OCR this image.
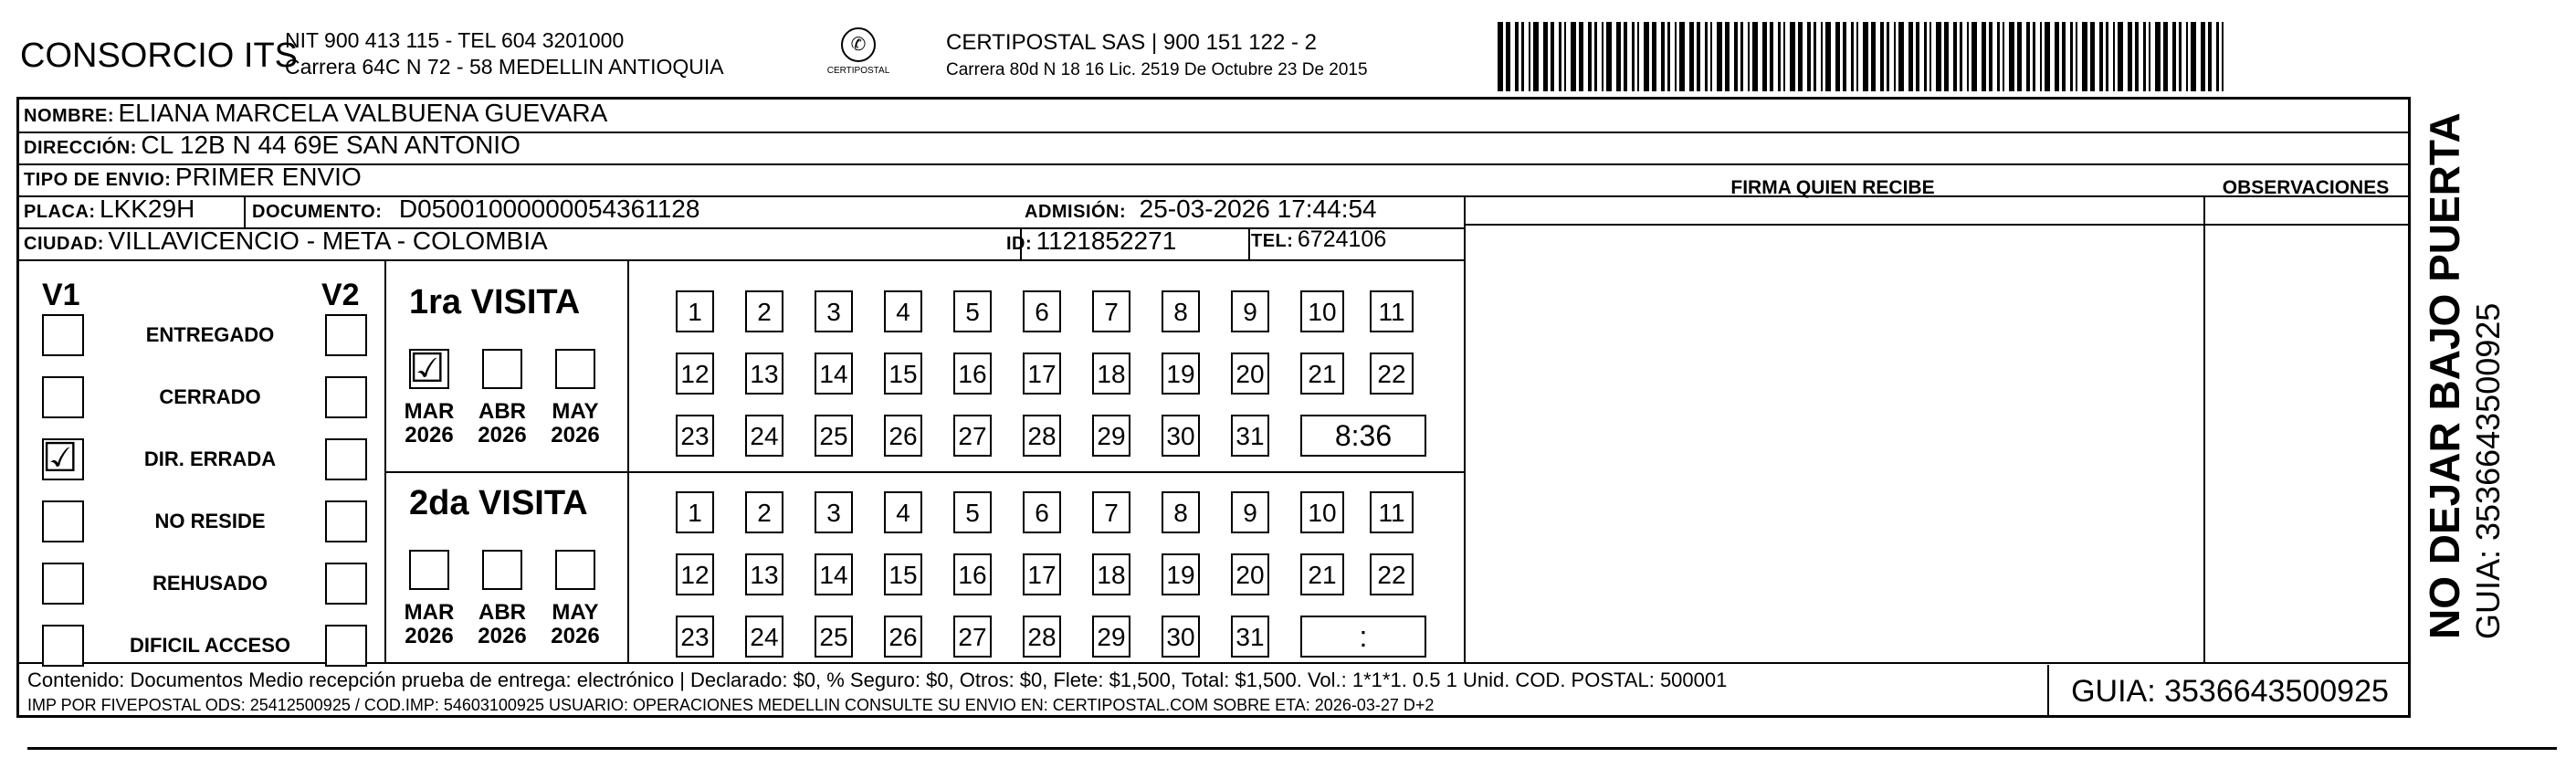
CONSORCIO ITS
NIT 900 413 115 - TEL 604 3201000
Carrera 64C N 72 - 58 MEDELLIN ANTIOQUIA
✆
CERTIPOSTAL
CERTIPOSTAL SAS | 900 151 122 - 2
Carrera 80d N 18 16 Lic. 2519 De Octubre 23 De 2015
NOMBRE: ELIANA MARCELA VALBUENA GUEVARA
DIRECCIÓN: CL 12B N 44 69E SAN ANTONIO
TIPO DE ENVIO: PRIMER ENVIO
PLACA: LKK29H	DOCUMENTO: D05001000000054361128	ADMISIÓN: 25-03-2026 17:44:54
CIUDAD: VILLAVICENCIO - META - COLOMBIA	ID: 1121852271	TEL: 6724106
FIRMA QUIEN RECIBE	OBSERVACIONES
V1	V2
ENTREGADO
CERRADO
☑	DIR. ERRADA
NO RESIDE
REHUSADO
DIFICIL ACCESO
1ra VISITA
☑
MAR
2026
ABR
2026
MAY
2026
1	2	3	4	5	6	7	8	9	10	11
12 13 14 15 16 17 18 19 20	21	22
23 24 25 26 27 28 29 30 31	8:36
2da VISITA
MAR
2026
ABR
2026
MAY
2026
1	2	3	4	5	6	7	8	9	10	11
12 13 14 15 16 17 18 19 20	21	22
23 24 25 26 27 28 29 30 31	:
Contenido: Documentos Medio recepción prueba de entrega: electrónico | Declarado: $0, % Seguro: $0, Otros: $0, Flete: $1,500, Total: $1,500. Vol.: 1*1*1. 0.5 1 Unid. COD. POSTAL: 500001
IMP POR FIVEPOSTAL ODS: 25412500925 / COD.IMP: 54603100925 USUARIO: OPERACIONES MEDELLIN CONSULTE SU ENVIO EN: CERTIPOSTAL.COM SOBRE ETA: 2026-03-27 D+2	GUIA: 3536643500925
NO DEJAR BAJO PUERTA GUIA: 3536643500925
